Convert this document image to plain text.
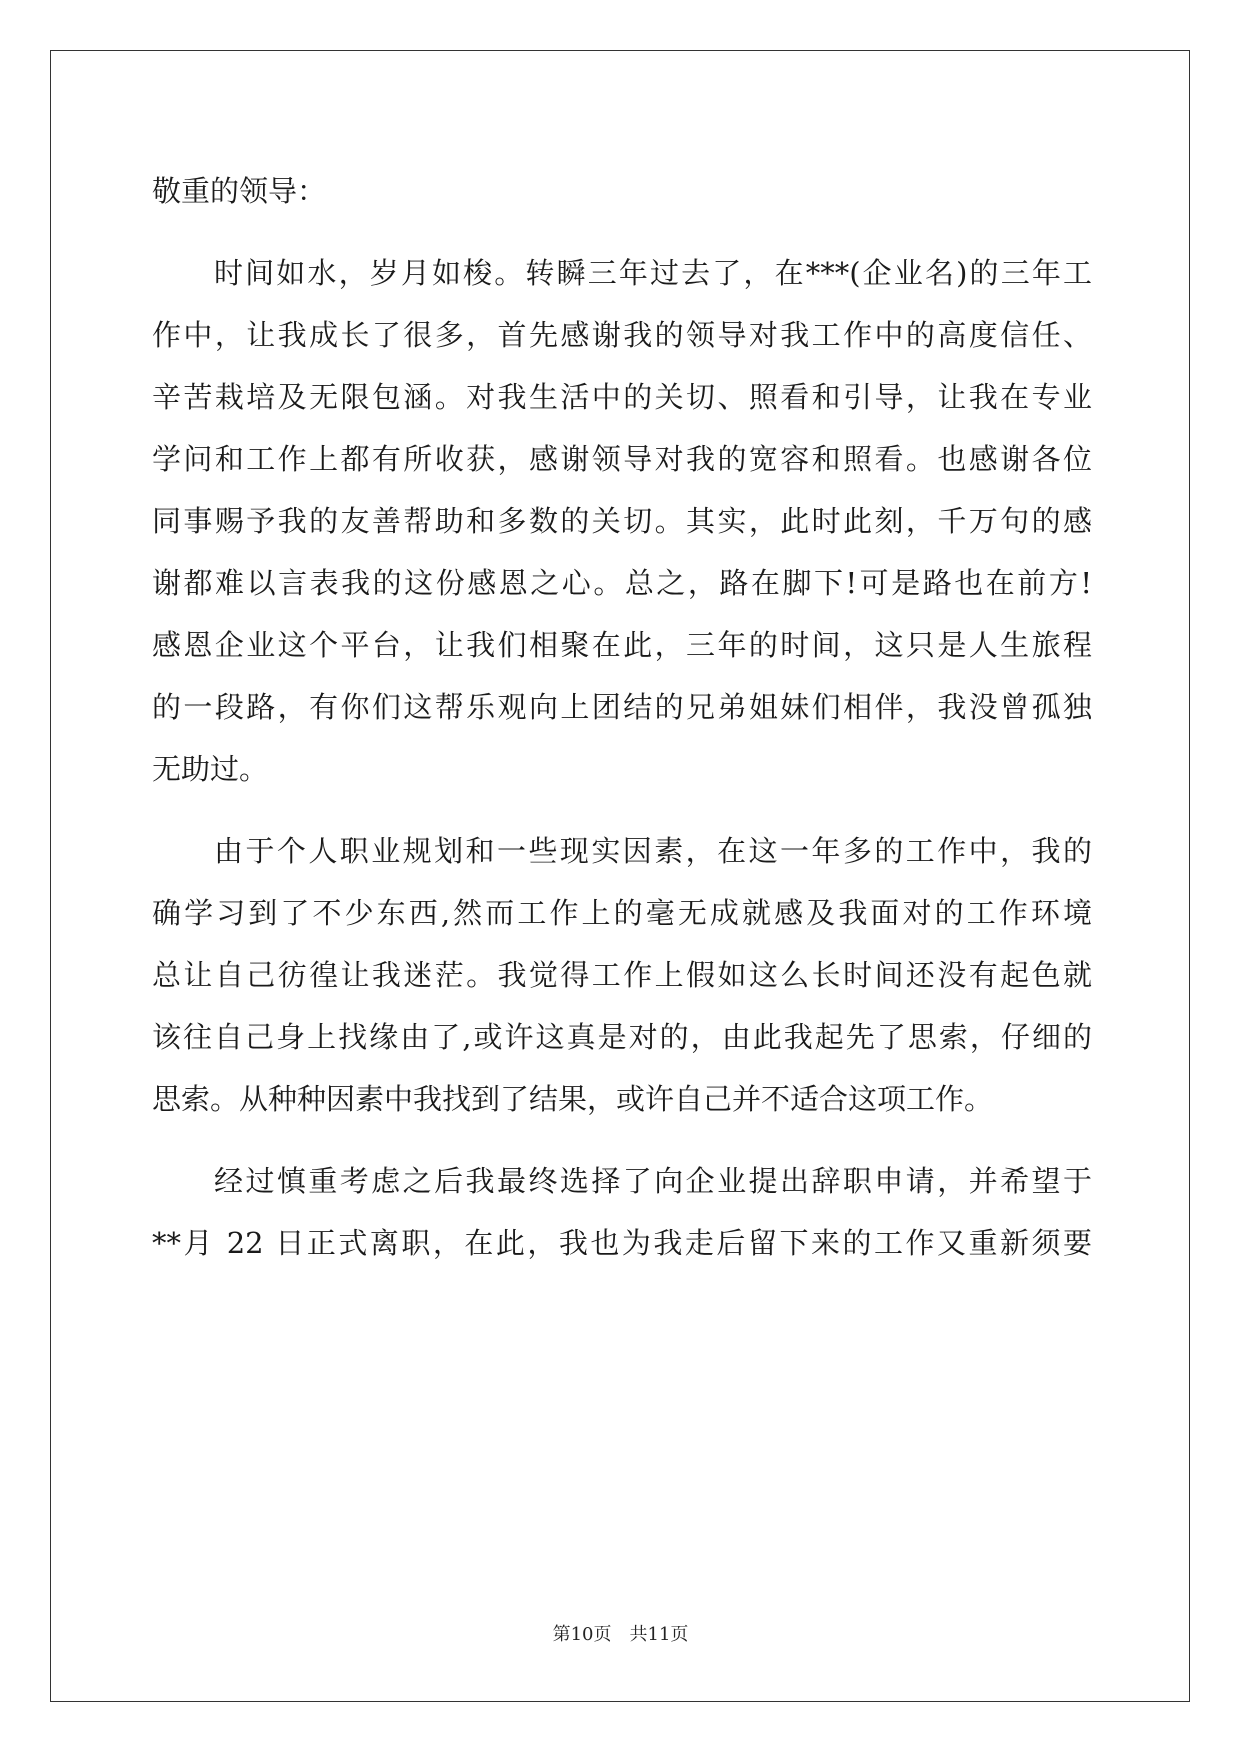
敬重的领导：
时间如水，岁月如梭。转瞬三年过去了，在***(企业名)的三年工
作中，让我成长了很多，首先感谢我的领导对我工作中的高度信任、
辛苦栽培及无限包涵。对我生活中的关切、照看和引导，让我在专业
学问和工作上都有所收获，感谢领导对我的宽容和照看。也感谢各位
同事赐予我的友善帮助和多数的关切。其实，此时此刻，千万句的感
谢都难以言表我的这份感恩之心。总之，路在脚下!可是路也在前方!
感恩企业这个平台，让我们相聚在此，三年的时间，这只是人生旅程
的一段路，有你们这帮乐观向上团结的兄弟姐妹们相伴，我没曾孤独
无助过。
由于个人职业规划和一些现实因素，在这一年多的工作中，我的
确学习到了不少东西,然而工作上的毫无成就感及我面对的工作环境
总让自己彷徨让我迷茫。我觉得工作上假如这么长时间还没有起色就
该往自己身上找缘由了,或许这真是对的，由此我起先了思索，仔细的
思索。从种种因素中我找到了结果，或许自己并不适合这项工作。
经过慎重考虑之后我最终选择了向企业提出辞职申请，并希望于
**月 22 日正式离职，在此，我也为我走后留下来的工作又重新须要
第10页　共11页
